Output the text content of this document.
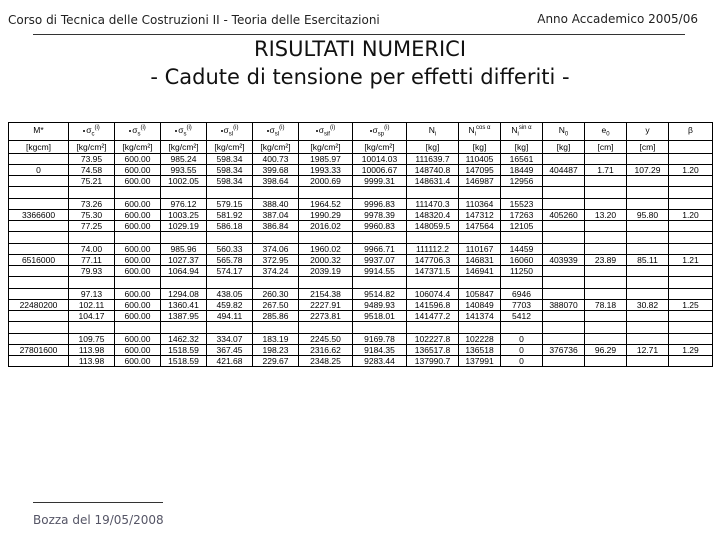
Corso di Tecnica delle Costruzioni II - Teoria delle Esercitazioni	Anno Accademico 2005/06
RISULTATI NUMERICI
- Cadute di tensione per effetti differiti -
M*	$\sigma_c^{(i)}$	$\sigma_s^{(i)}$	$\sigma_s^{(i)}$	$\sigma_{sl}^{(i)}$	$\sigma_{sl}^{(i)}$	$\sigma_{sif}^{(i)}$	$\sigma_{sp}^{(i)}$	$N_i$	$N_i^{cos \alpha}$	$N_i^{sin \alpha}$	$N_0$	$e_0$	y	β
[kgcm]	[kg/cm²]	[kg/cm²]	[kg/cm²]	[kg/cm²]	[kg/cm²]	[kg/cm²]	[kg/cm²]	[kg]	[kg]	[kg]	[kg]	[cm]	[cm]	
	73.95	600.00	985.24	598.34	400.73	1985.97	10014.03	111639.7	110405	16561				
0	74.58	600.00	993.55	598.34	399.68	1993.33	10006.67	148740.8	147095	18449	404487	1.71	107.29	1.20
	75.21	600.00	1002.05	598.34	398.64	2000.69	9999.31	148631.4	146987	12956				

	73.26	600.00	976.12	579.15	388.40	1964.52	9996.83	111470.3	110364	15523				
3366600	75.30	600.00	1003.25	581.92	387.04	1990.29	9978.39	148320.4	147312	17263	405260	13.20	95.80	1.20
	77.25	600.00	1029.19	586.18	386.84	2016.02	9960.83	148059.5	147564	12105				

	74.00	600.00	985.96	560.33	374.06	1960.02	9966.71	111112.2	110167	14459				
6516000	77.11	600.00	1027.37	565.78	372.95	2000.32	9937.07	147706.3	146831	16060	403939	23.89	85.11	1.21
	79.93	600.00	1064.94	574.17	374.24	2039.19	9914.55	147371.5	146941	11250				

	97.13	600.00	1294.08	438.05	260.30	2154.38	9514.82	106074.4	105847	6946				
22480200	102.11	600.00	1360.41	459.82	267.50	2227.91	9489.93	141596.8	140849	7703	388070	78.18	30.82	1.25
	104.17	600.00	1387.95	494.11	285.86	2273.81	9518.01	141477.2	141374	5412				

	109.75	600.00	1462.32	334.07	183.19	2245.50	9169.78	102227.8	102228	0				
27801600	113.98	600.00	1518.59	367.45	198.23	2316.62	9184.35	136517.8	136518	0	376736	96.29	12.71	1.29
	113.98	600.00	1518.59	421.68	229.67	2348.25	9283.44	137990.7	137991	0				
Bozza del 19/05/2008
